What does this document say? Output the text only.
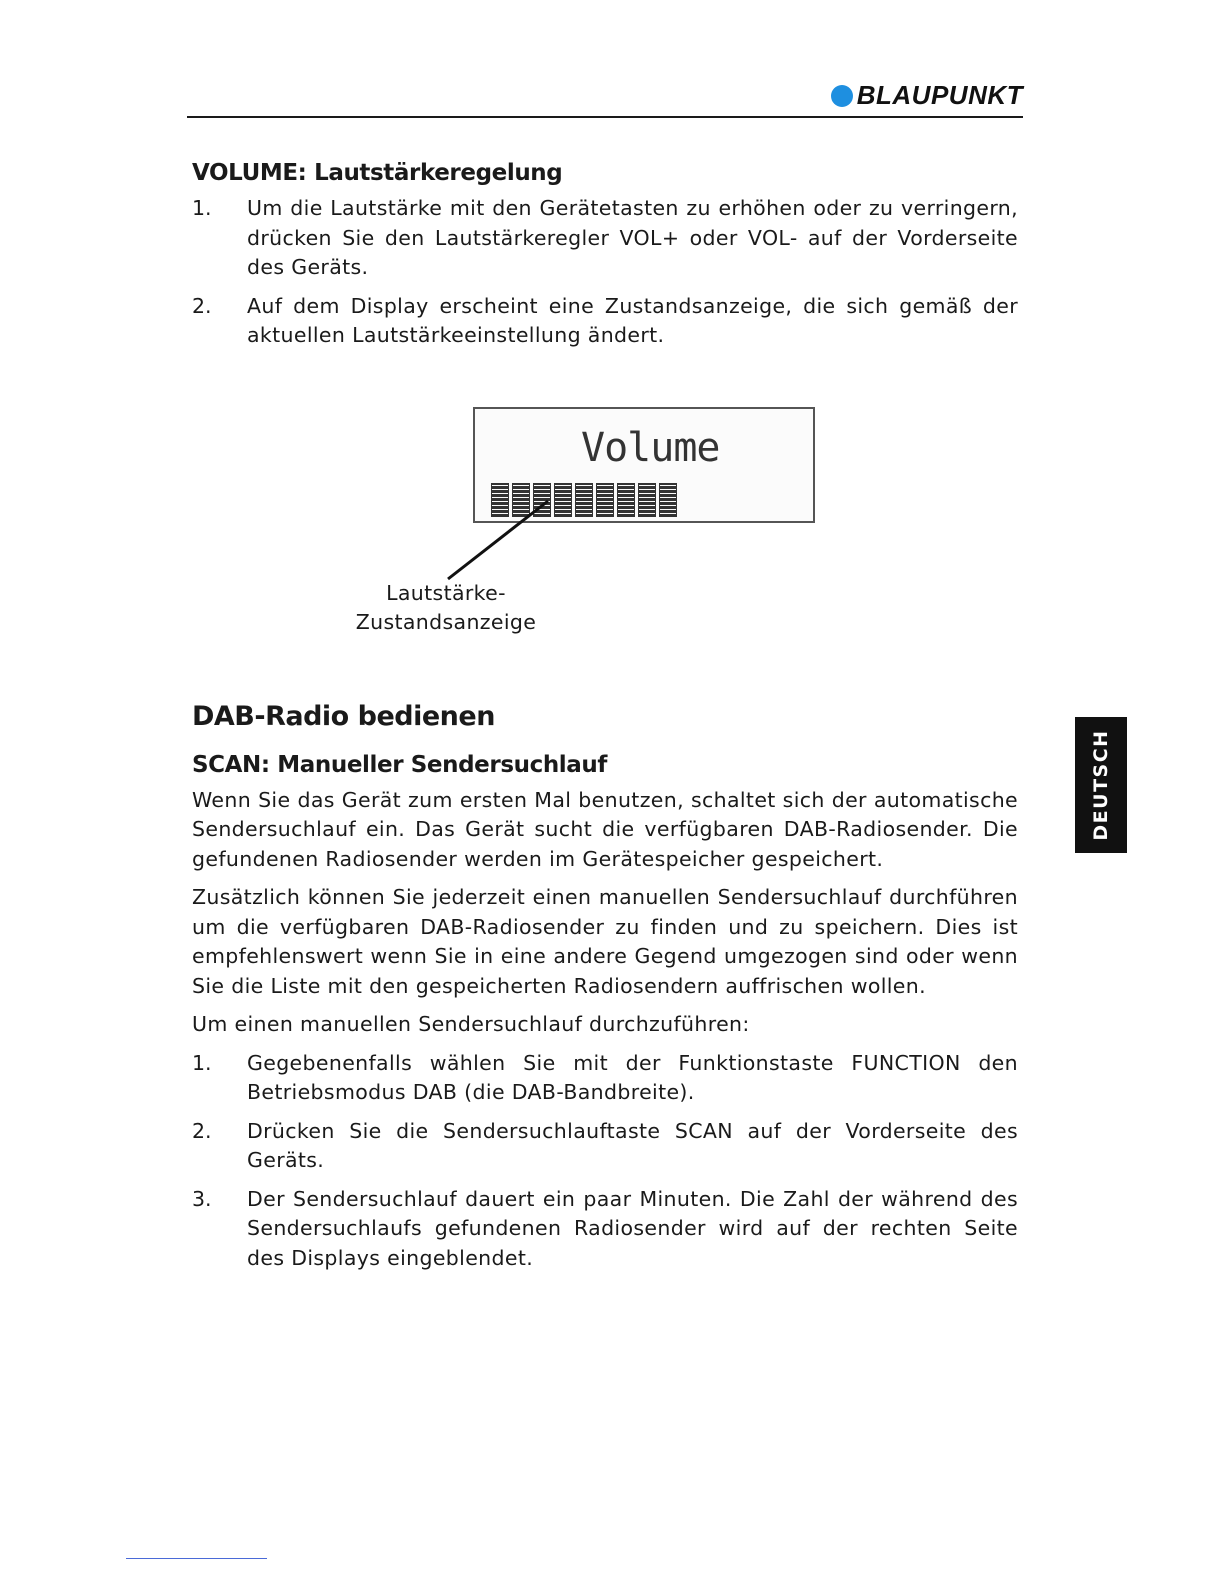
BLAUPUNKT
VOLUME: Lautstärkeregelung
1.	Um die Lautstärke mit den Gerätetasten zu erhöhen oder zu verringern, drücken Sie den Lautstärkeregler VOL+ oder VOL- auf der Vorderseite des Geräts.
2.	Auf dem Display erscheint eine Zustandsanzeige, die sich gemäß der aktuellen Lautstärkeeinstellung ändert.
Volume
Lautstärke-
Zustandsanzeige
DAB-Radio bedienen
SCAN: Manueller Sendersuchlauf

Wenn Sie das Gerät zum ersten Mal benutzen, schaltet sich der automatische Sendersuchlauf ein. Das Gerät sucht die verfügbaren DAB-Radiosender. Die gefundenen Radiosender werden im Gerätespeicher gespeichert.

Zusätzlich können Sie jederzeit einen manuellen Sendersuchlauf durchführen um die verfügbaren DAB-Radiosender zu finden und zu speichern. Dies ist empfehlenswert wenn Sie in eine andere Gegend umgezogen sind oder wenn Sie die Liste mit den gespeicherten Radiosendern auffrischen wollen.

Um einen manuellen Sendersuchlauf durchzuführen:

1.	Gegebenenfalls wählen Sie mit der Funktionstaste FUNCTION den Betriebsmodus DAB (die DAB-Bandbreite).
2.	Drücken Sie die Sendersuchlauftaste SCAN auf der Vorderseite des Geräts.
3.	Der Sendersuchlauf dauert ein paar Minuten. Die Zahl der während des Sendersuchlaufs gefundenen Radiosender wird auf der rechten Seite des Displays eingeblendet.
DEUTSCH
